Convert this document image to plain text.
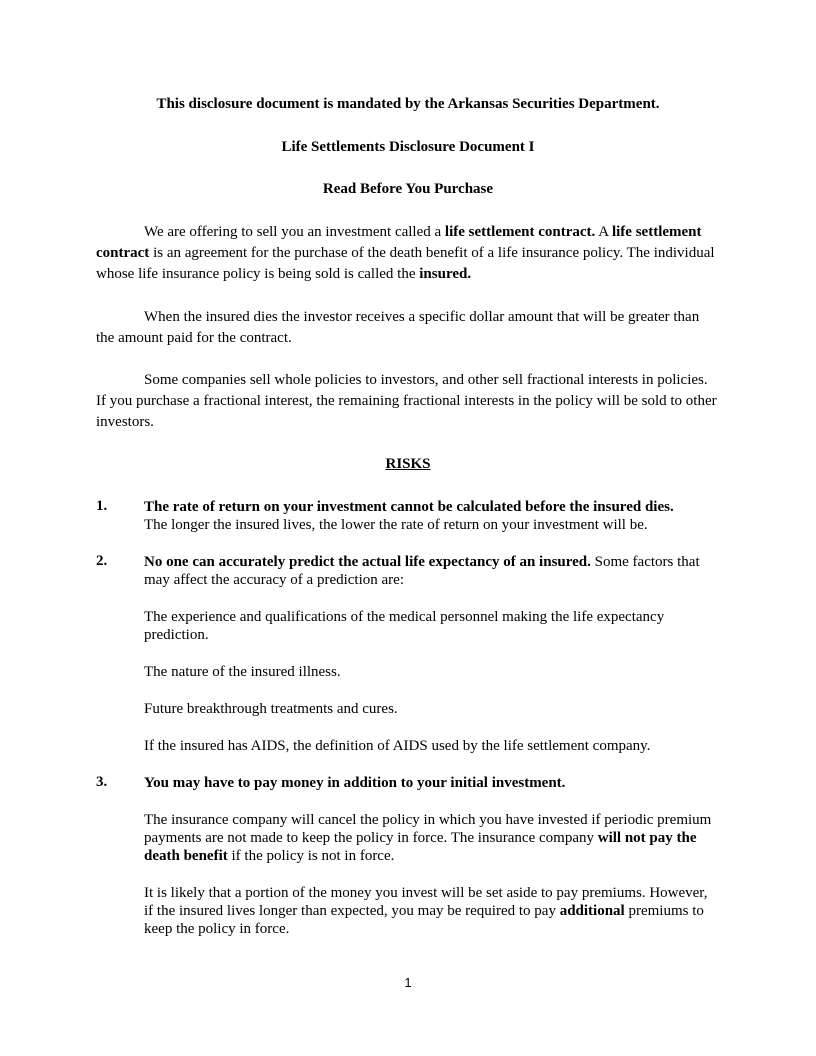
This disclosure document is mandated by the Arkansas Securities Department.

Life Settlements Disclosure Document I

Read Before You Purchase

We are offering to sell you an investment called a life settlement contract. A life settlement contract is an agreement for the purchase of the death benefit of a life insurance policy. The individual whose life insurance policy is being sold is called the insured.

When the insured dies the investor receives a specific dollar amount that will be greater than the amount paid for the contract.

Some companies sell whole policies to investors, and other sell fractional interests in policies. If you purchase a fractional interest, the remaining fractional interests in the policy will be sold to other investors.

RISKS

1. The rate of return on your investment cannot be calculated before the insured dies.
The longer the insured lives, the lower the rate of return on your investment will be.

2. No one can accurately predict the actual life expectancy of an insured. Some factors that may affect the accuracy of a prediction are:

The experience and qualifications of the medical personnel making the life expectancy prediction.

The nature of the insured illness.

Future breakthrough treatments and cures.

If the insured has AIDS, the definition of AIDS used by the life settlement company.

3. You may have to pay money in addition to your initial investment.

The insurance company will cancel the policy in which you have invested if periodic premium payments are not made to keep the policy in force. The insurance company will not pay the death benefit if the policy is not in force.

It is likely that a portion of the money you invest will be set aside to pay premiums. However, if the insured lives longer than expected, you may be required to pay additional premiums to keep the policy in force.

1
